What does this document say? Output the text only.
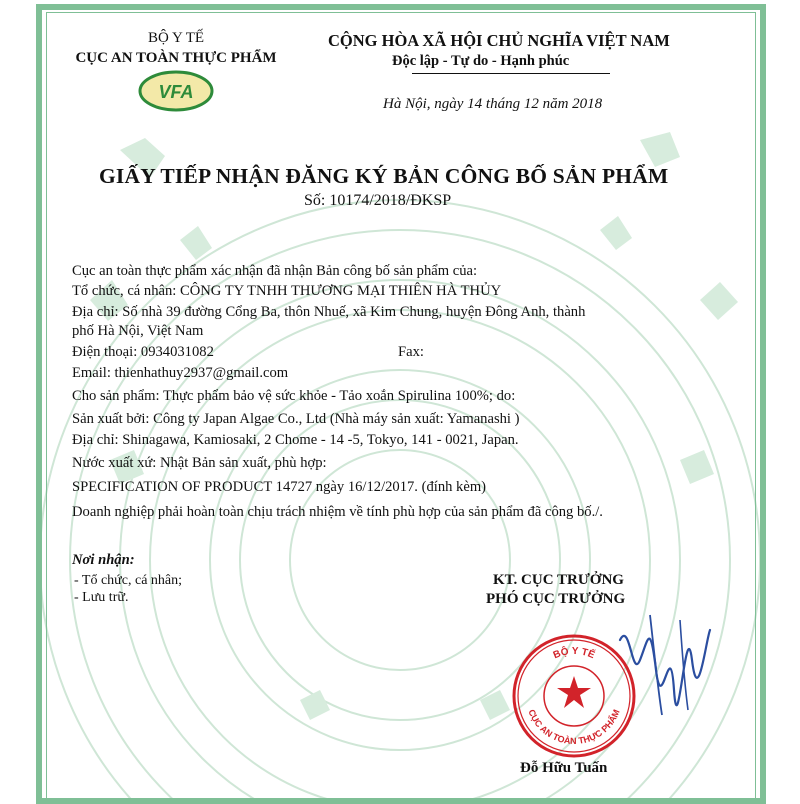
BỘ Y TẾ
CỤC AN TOÀN THỰC PHẨM
VFA
CỘNG HÒA XÃ HỘI CHỦ NGHĨA VIỆT NAM
Độc lập - Tự do - Hạnh phúc
Hà Nội, ngày 14 tháng 12 năm 2018
GIẤY TIẾP NHẬN ĐĂNG KÝ BẢN CÔNG BỐ SẢN PHẨM
Số: 10174/2018/ĐKSP
Cục an toàn thực phẩm xác nhận đã nhận Bản công bố sản phẩm của:
Tổ chức, cá nhân: CÔNG TY TNHH THƯƠNG MẠI THIÊN HÀ THỦY
Địa chỉ: Số nhà 39 đường Cổng Ba, thôn Nhuế, xã Kim Chung, huyện Đông Anh, thành
phố Hà Nội, Việt Nam
Điện thoại: 0934031082	Fax:
Email: thienhathuy2937@gmail.com
Cho sản phẩm: Thực phẩm bảo vệ sức khỏe - Tảo xoắn Spirulina 100%; do:
Sản xuất bởi: Công ty Japan Algae Co., Ltd (Nhà máy sản xuất: Yamanashi )
Địa chỉ: Shinagawa, Kamiosaki, 2 Chome - 14 -5, Tokyo, 141 - 0021, Japan.
Nước xuất xứ: Nhật Bản sản xuất, phù hợp:
SPECIFICATION OF PRODUCT 14727 ngày 16/12/2017. (đính kèm)
Doanh nghiệp phải hoàn toàn chịu trách nhiệm về tính phù hợp của sản phẩm đã công bố./.
Nơi nhận:
- Tổ chức, cá nhân;
- Lưu trữ.
KT. CỤC TRƯỞNG
PHÓ CỤC TRƯỞNG
BỘ Y TẾ
CỤC AN TOÀN THỰC PHẨM
Đỗ Hữu Tuấn
